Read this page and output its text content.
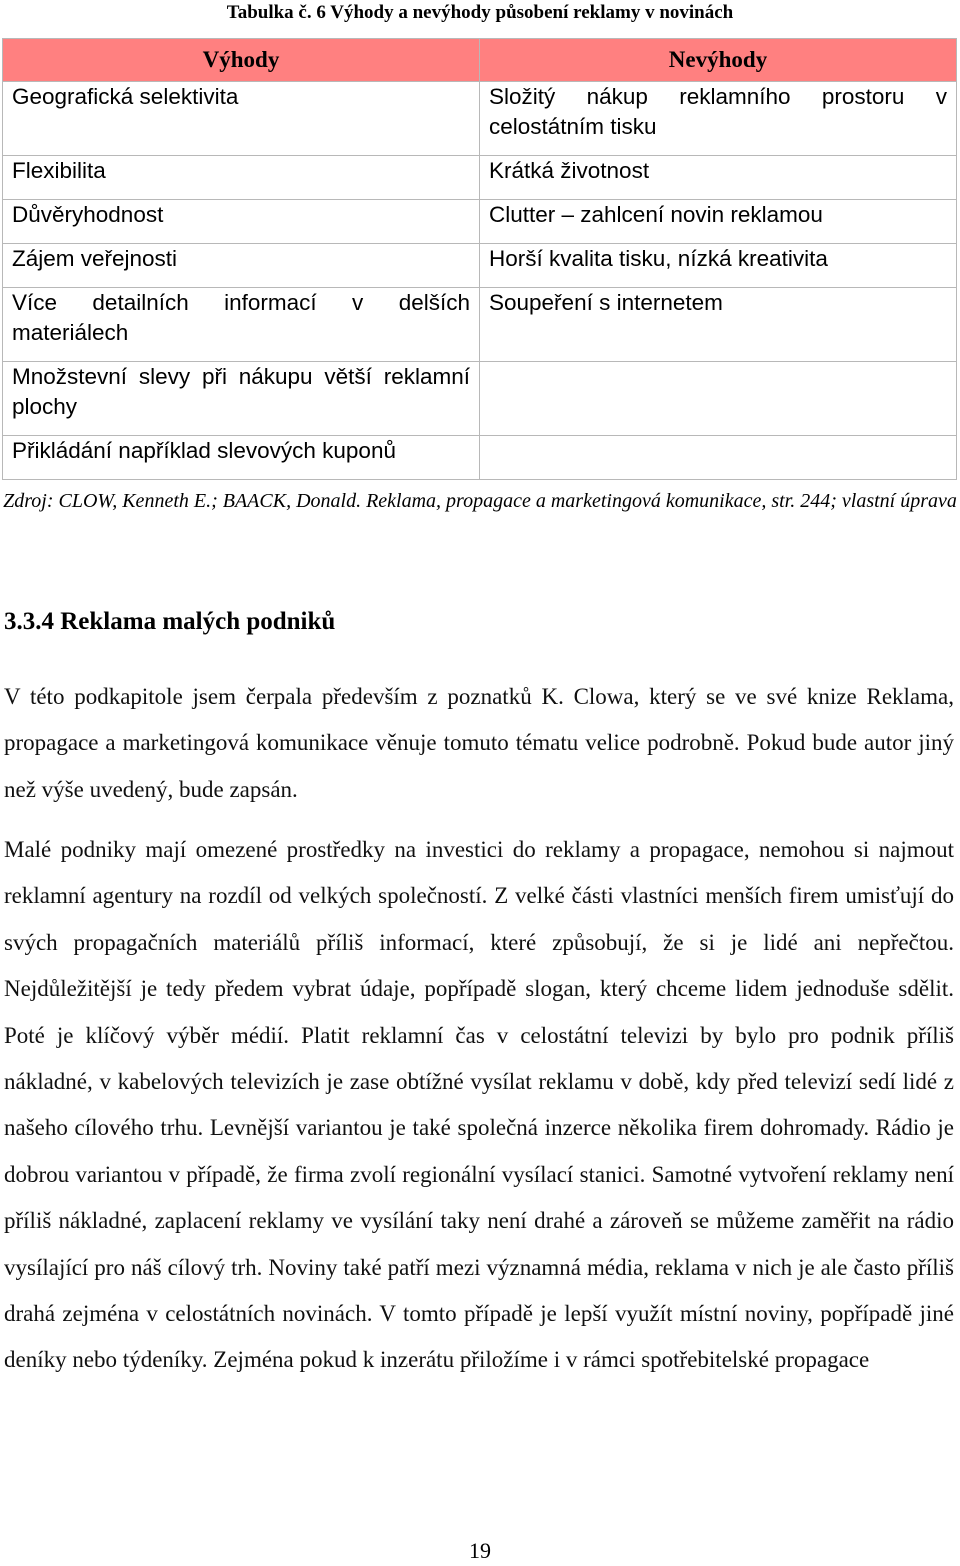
Tabulka č. 6 Výhody a nevýhody působení reklamy v novinách
Výhody	Nevýhody
Geografická selektivita	Složitý nákup reklamního prostoru v celostátním tisku
Flexibilita	Krátká životnost
Důvěryhodnost	Clutter – zahlcení novin reklamou
Zájem veřejnosti	Horší kvalita tisku, nízká kreativita
Více detailních informací v delších materiálech	Soupeření s internetem
Množstevní slevy při nákupu větší reklamní plochy	
Přikládání například slevových kuponů	
Zdroj: CLOW, Kenneth E.; BAACK, Donald. Reklama, propagace a marketingová komunikace, str. 244; vlastní úprava
3.3.4 Reklama malých podniků

V této podkapitole jsem čerpala především z poznatků K. Clowa, který se ve své knize Reklama, propagace a marketingová komunikace věnuje tomuto tématu velice podrobně. Pokud bude autor jiný než výše uvedený, bude zapsán.

Malé podniky mají omezené prostředky na investici do reklamy a propagace, nemohou si najmout reklamní agentury na rozdíl od velkých společností. Z velké části vlastníci menších firem umisťují do svých propagačních materiálů příliš informací, které způsobují, že si je lidé ani nepřečtou. Nejdůležitější je tedy předem vybrat údaje, popřípadě slogan, který chceme lidem jednoduše sdělit. Poté je klíčový výběr médií. Platit reklamní čas v celostátní televizi by bylo pro podnik příliš nákladné, v kabelových televizích je zase obtížné vysílat reklamu v době, kdy před televizí sedí lidé z našeho cílového trhu. Levnější variantou je také společná inzerce několika firem dohromady. Rádio je dobrou variantou v případě, že firma zvolí regionální vysílací stanici. Samotné vytvoření reklamy není příliš nákladné, zaplacení reklamy ve vysílání taky není drahé a zároveň se můžeme zaměřit na rádio vysílající pro náš cílový trh. Noviny také patří mezi významná média, reklama v nich je ale často příliš drahá zejména v celostátních novinách. V tomto případě je lepší využít místní noviny, popřípadě jiné deníky nebo týdeníky. Zejména pokud k inzerátu přiložíme i v rámci spotřebitelské propagace

19
